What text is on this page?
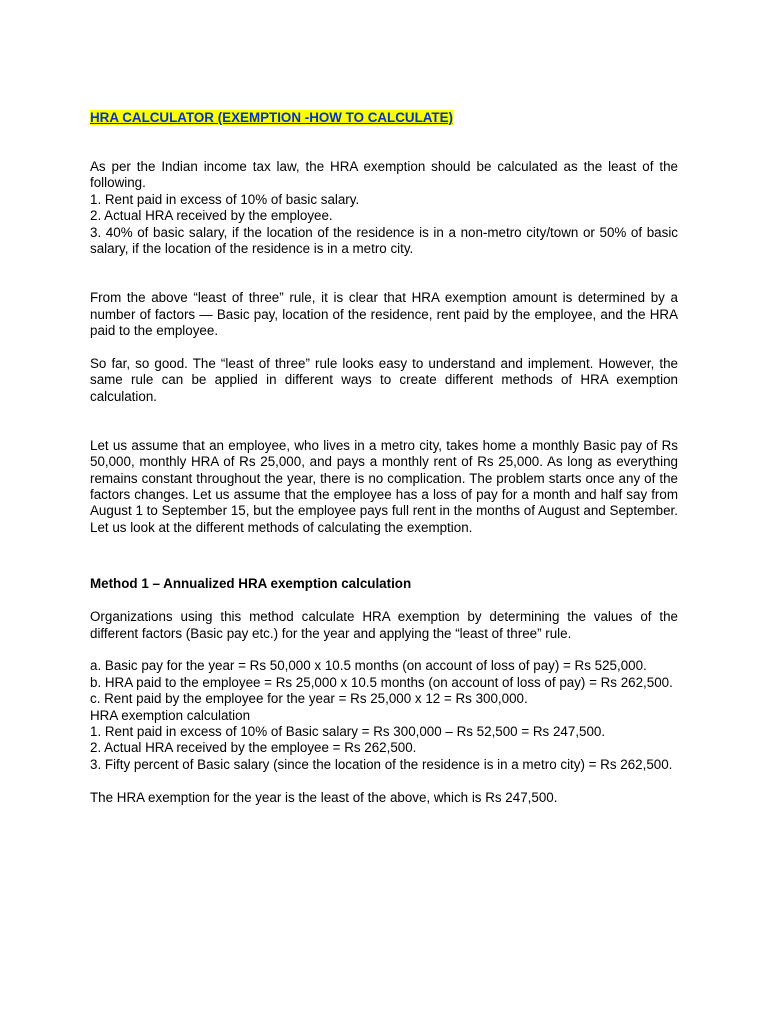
HRA CALCULATOR (EXEMPTION -HOW TO CALCULATE)

As per the Indian income tax law, the HRA exemption should be calculated as the least of the following.

1. Rent paid in excess of 10% of basic salary.
2. Actual HRA received by the employee.

3. 40% of basic salary, if the location of the residence is in a non-metro city/town or 50% of basic salary, if the location of the residence is in a metro city.

From the above “least of three” rule, it is clear that HRA exemption amount is determined by a number of factors — Basic pay, location of the residence, rent paid by the employee, and the HRA paid to the employee.

So far, so good. The “least of three” rule looks easy to understand and implement. However, the same rule can be applied in different ways to create different methods of HRA exemption calculation.

Let us assume that an employee, who lives in a metro city, takes home a monthly Basic pay of Rs 50,000, monthly HRA of Rs 25,000, and pays a monthly rent of Rs 25,000. As long as everything remains constant throughout the year, there is no complication. The problem starts once any of the factors changes. Let us assume that the employee has a loss of pay for a month and half say from August 1 to September 15, but the employee pays full rent in the months of August and September. Let us look at the different methods of calculating the exemption.

Method 1 – Annualized HRA exemption calculation

Organizations using this method calculate HRA exemption by determining the values of the different factors (Basic pay etc.) for the year and applying the “least of three” rule.

a. Basic pay for the year = Rs 50,000 x 10.5 months (on account of loss of pay) = Rs 525,000.

b. HRA paid to the employee = Rs 25,000 x 10.5 months (on account of loss of pay) = Rs 262,500.

c. Rent paid by the employee for the year = Rs 25,000 x 12 = Rs 300,000.
HRA exemption calculation
1. Rent paid in excess of 10% of Basic salary = Rs 300,000 – Rs 52,500 = Rs 247,500.
2. Actual HRA received by the employee = Rs 262,500.

3. Fifty percent of Basic salary (since the location of the residence is in a metro city) = Rs 262,500.

The HRA exemption for the year is the least of the above, which is Rs 247,500.
